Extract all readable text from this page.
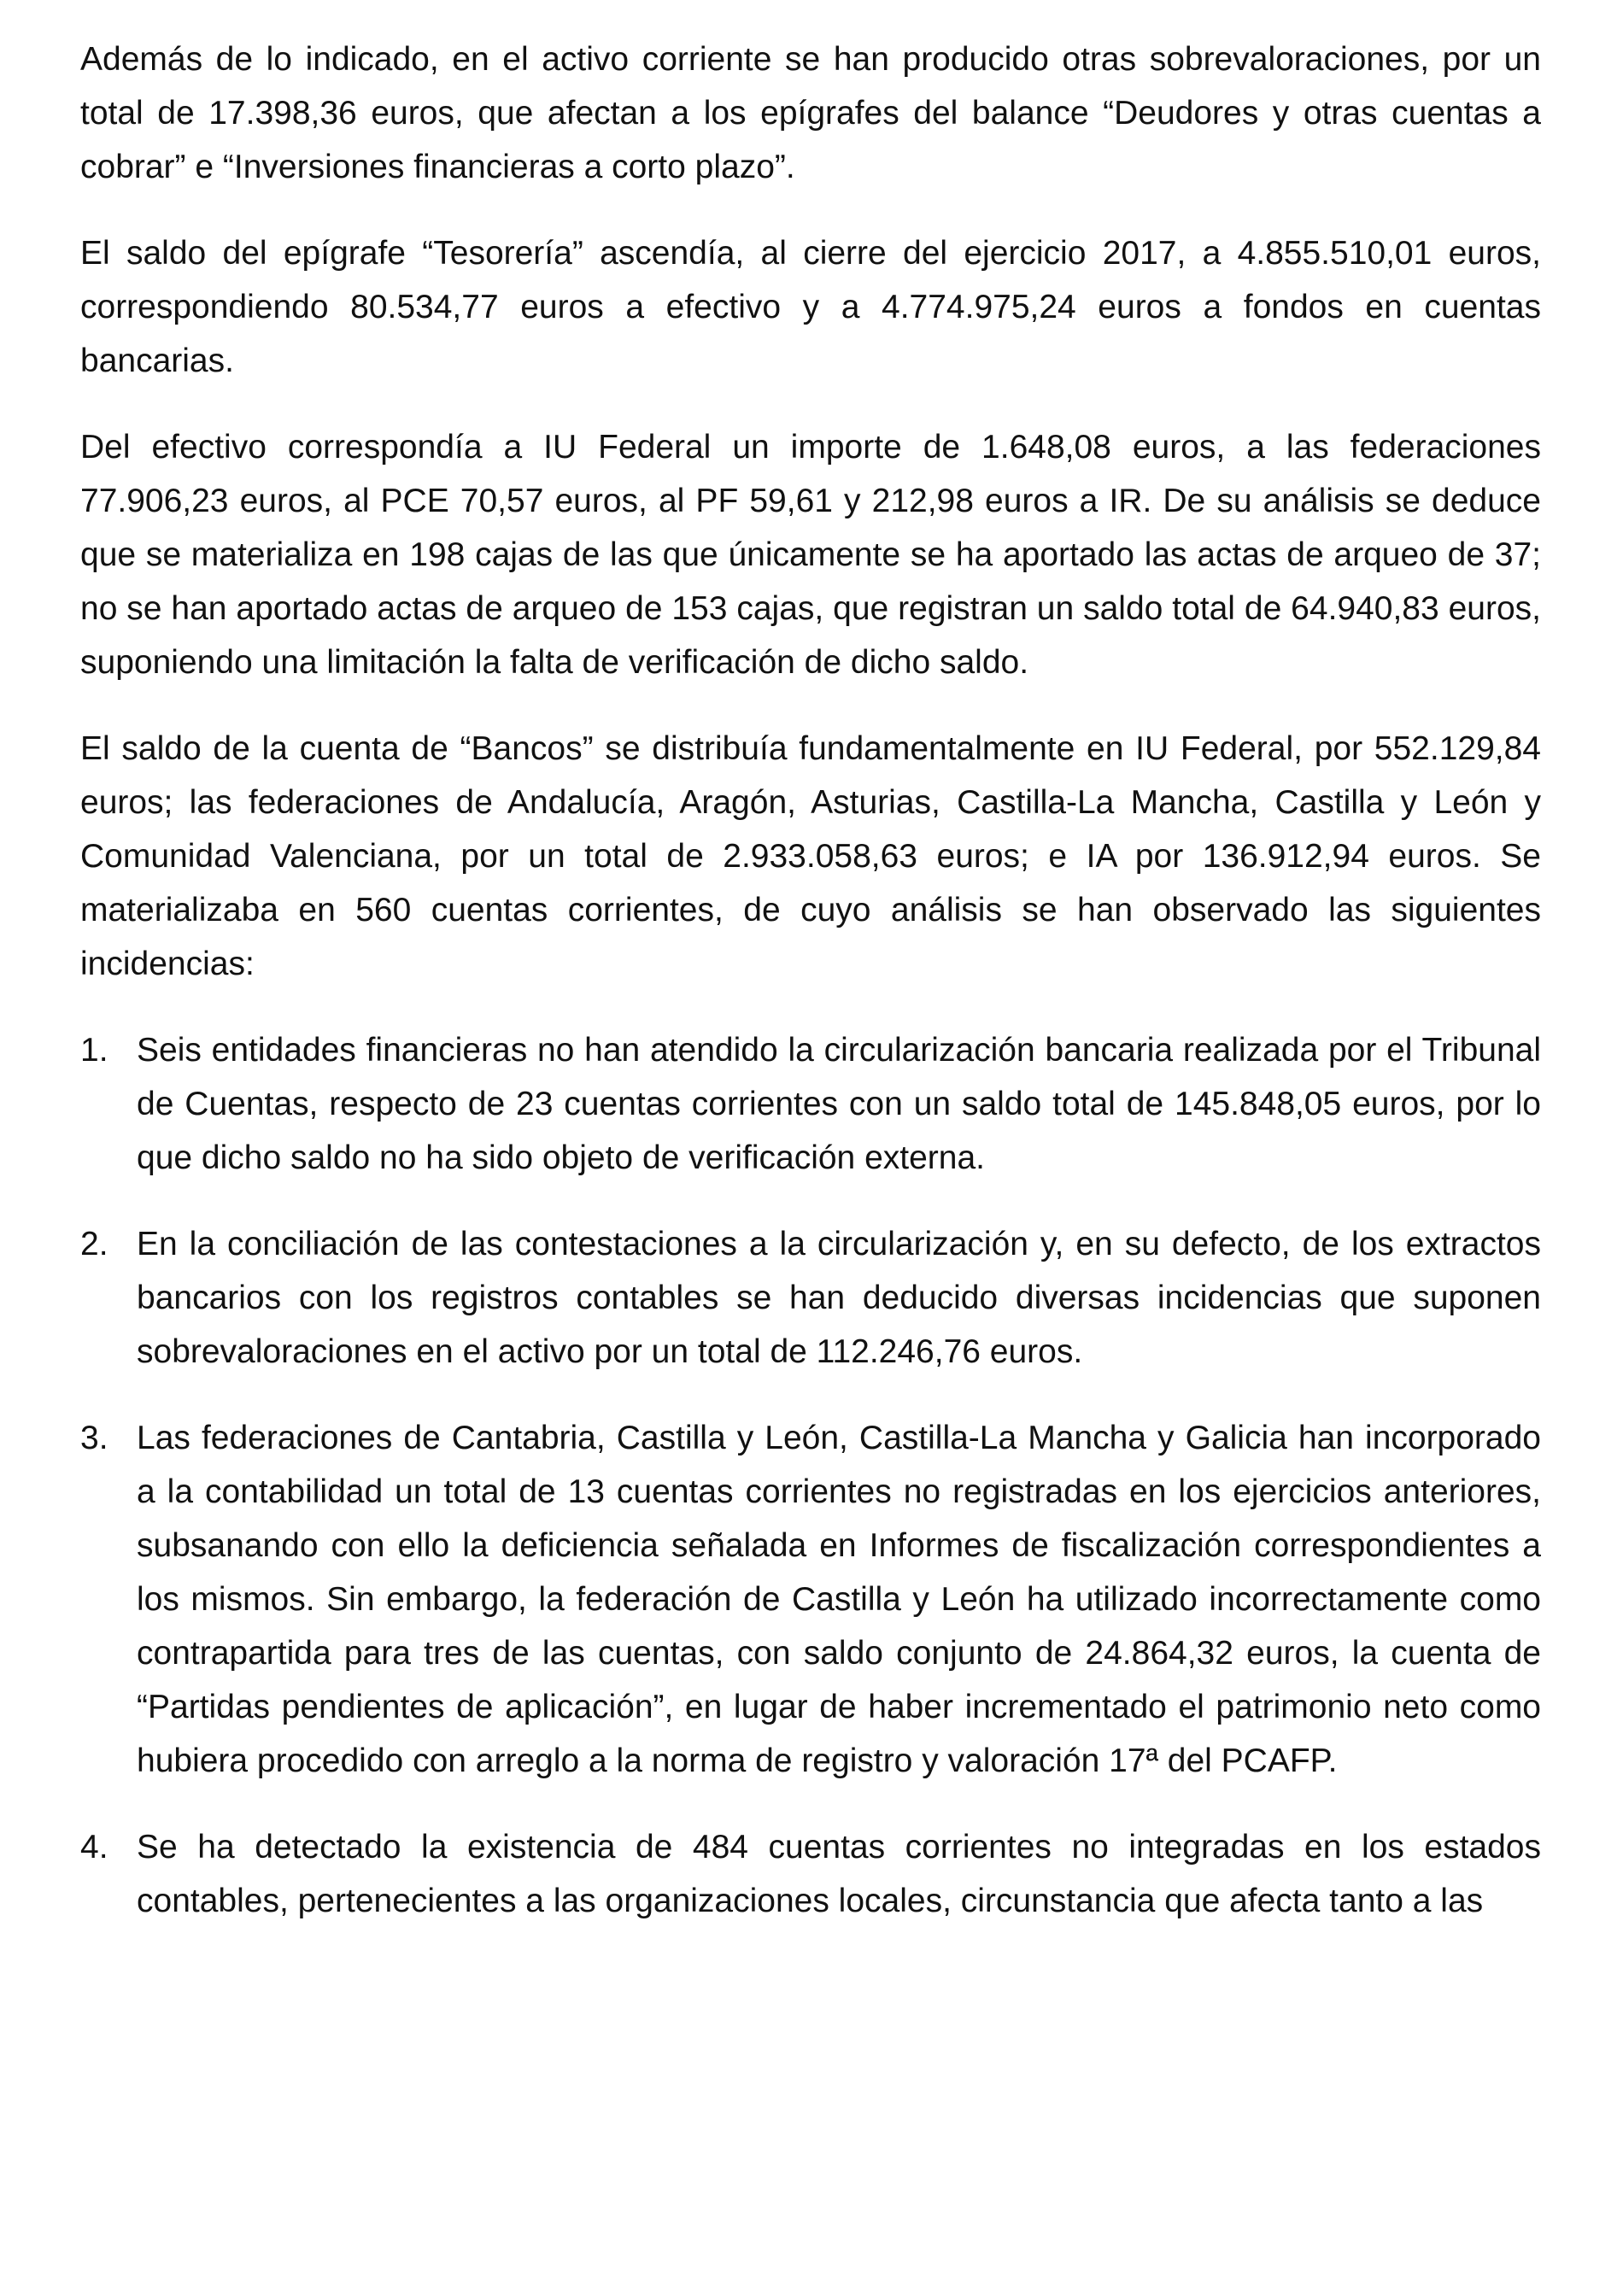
Además de lo indicado, en el activo corriente se han producido otras sobrevaloraciones, por un total de 17.398,36 euros, que afectan a los epígrafes del balance “Deudores y otras cuentas a cobrar” e “Inversiones financieras a corto plazo”.

El saldo del epígrafe “Tesorería” ascendía, al cierre del ejercicio 2017, a 4.855.510,01 euros, correspondiendo 80.534,77 euros a efectivo y a 4.774.975,24 euros a fondos en cuentas bancarias.

Del efectivo correspondía a IU Federal un importe de 1.648,08 euros, a las federaciones 77.906,23 euros, al PCE 70,57 euros, al PF 59,61 y 212,98 euros a IR. De su análisis se deduce que se materializa en 198 cajas de las que únicamente se ha aportado las actas de arqueo de 37; no se han aportado actas de arqueo de 153 cajas, que registran un saldo total de 64.940,83 euros, suponiendo una limitación la falta de verificación de dicho saldo.

El saldo de la cuenta de “Bancos” se distribuía fundamentalmente en IU Federal, por 552.129,84 euros; las federaciones de Andalucía, Aragón, Asturias, Castilla-La Mancha, Castilla y León y Comunidad Valenciana, por un total de 2.933.058,63 euros; e IA por 136.912,94 euros. Se materializaba en 560 cuentas corrientes, de cuyo análisis se han observado las siguientes incidencias:

1. Seis entidades financieras no han atendido la circularización bancaria realizada por el Tribunal de Cuentas, respecto de 23 cuentas corrientes con un saldo total de 145.848,05 euros, por lo que dicho saldo no ha sido objeto de verificación externa.
2. En la conciliación de las contestaciones a la circularización y, en su defecto, de los extractos bancarios con los registros contables se han deducido diversas incidencias que suponen sobrevaloraciones en el activo por un total de 112.246,76 euros.
3. Las federaciones de Cantabria, Castilla y León, Castilla-La Mancha y Galicia han incorporado a la contabilidad un total de 13 cuentas corrientes no registradas en los ejercicios anteriores, subsanando con ello la deficiencia señalada en Informes de fiscalización correspondientes a los mismos. Sin embargo, la federación de Castilla y León ha utilizado incorrectamente como contrapartida para tres de las cuentas, con saldo conjunto de 24.864,32 euros, la cuenta de “Partidas pendientes de aplicación”, en lugar de haber incrementado el patrimonio neto como hubiera procedido con arreglo a la norma de registro y valoración 17ª del PCAFP.
4. Se ha detectado la existencia de 484 cuentas corrientes no integradas en los estados contables, pertenecientes a las organizaciones locales, circunstancia que afecta tanto a las
